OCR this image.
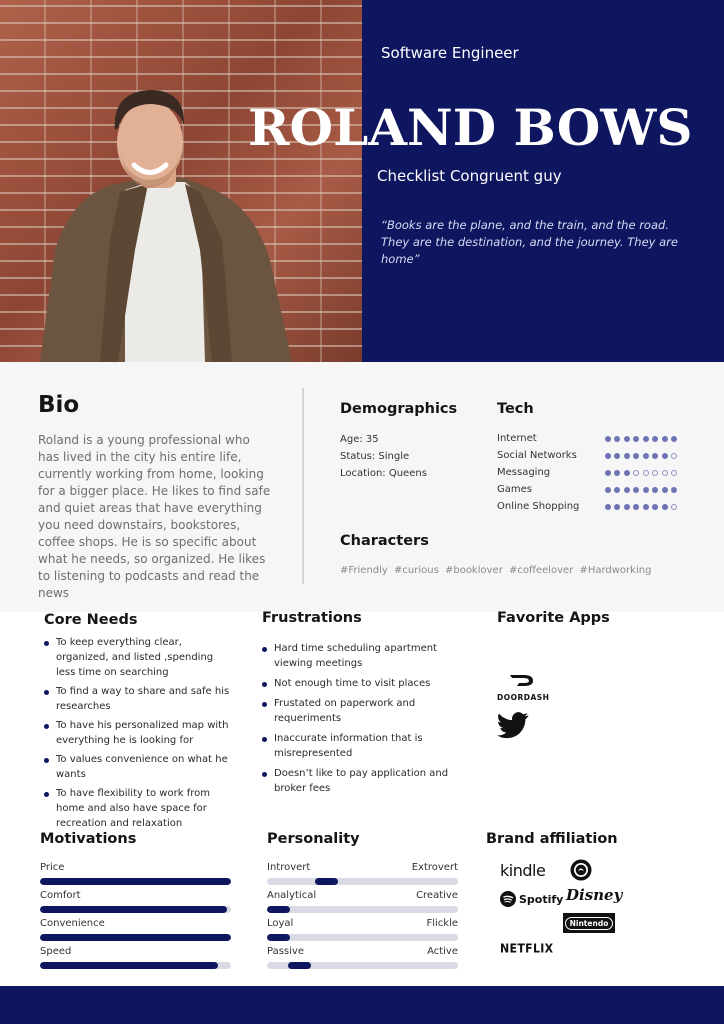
Software Engineer
ROLAND BOWS
Checklist Congruent guy
“Books are the plane, and the train, and the road. They are the destination, and the journey. They are home”
Bio
Roland is a young professional who has lived in the city his entire life, currently working from home, looking for a bigger place. He likes to find safe and quiet areas that have everything you need downstairs, bookstores, coffee shops. He is so specific about what he needs, so organized. He likes to listening to podcasts and read the news
Demographics
Age: 35
Status: Single
Location: Queens
Tech
Internet
Social Networks
Messaging
Games
Online Shopping
Characters
#Friendly #curious #booklover #coffeelover #Hardworking
Core Needs
To keep everything clear, organized, and listed ,spending less time on searching
To find a way to share and safe his researches
To have his personalized map with everything he is looking for
To values convenience on what he wants
To have flexibility to work from home and also have space for recreation and relaxation
Frustrations
Hard time scheduling apartment viewing meetings
Not enough time to visit places
Frustated on paperwork and requeriments
Inaccurate information that is misrepresented
Doesn’t like to pay application and broker fees
Favorite Apps
DOORDASH
Motivations
Price
Comfort
Convenience
Speed
Personality
Introvert	Extrovert
Analytical	Creative
Loyal	Flickle
Passive	Active
Brand affiliation
kindle
Spotify Disney
Nintendo
NETFLIX
